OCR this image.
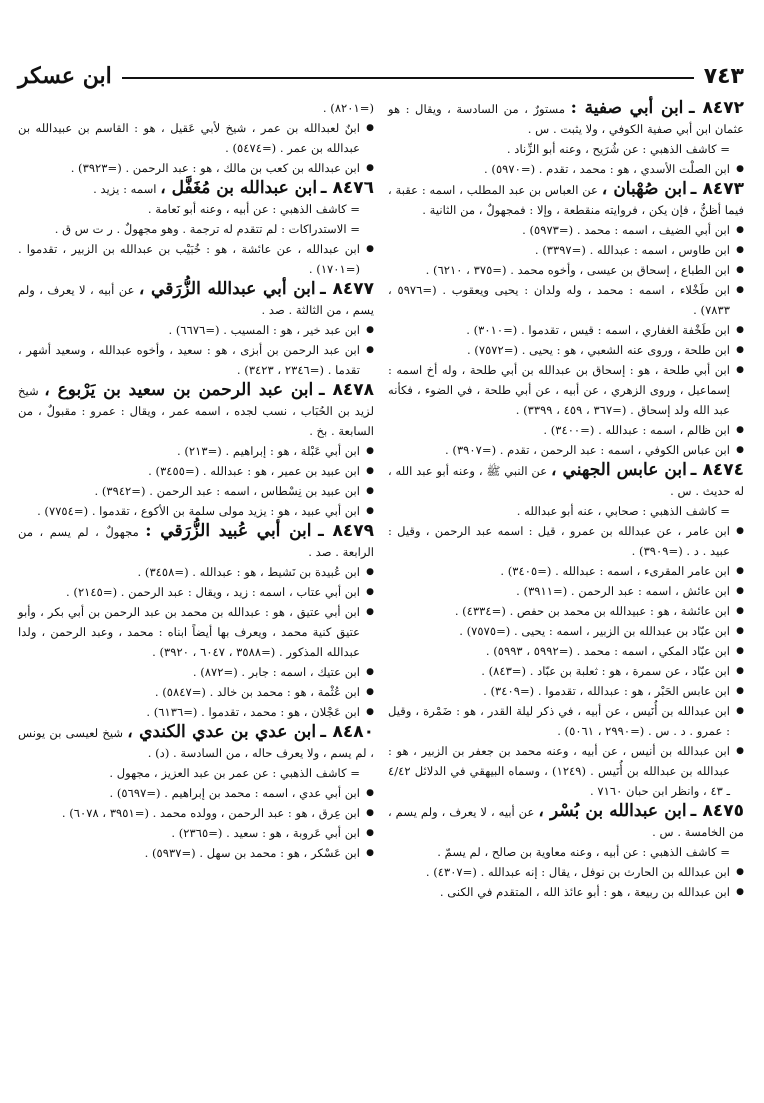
٧٤٣
ابن عسكر

٨٤٧٢ ـ ابن أبي صفية : مستورٌ ، من السادسة ، ويقال : هو عثمان ابن أبي صفية الكوفي ، ولا يثبت . س .

= كاشف الذهبي : عن شُرَيح ، وعنه أبو الزِّناد .

● ابن الصلْت الأسدي ، هو : محمد ، تقدم . (=٥٩٧٠) .

٨٤٧٣ ـ ابن صُهْبان ، عن العباس بن عبد المطلب ، اسمه : عقبة ، فيما أظنُّ ، فإن يكن ، فروايته منقطعة ، وإلا : فمجهولٌ ، من الثانية .

● ابن أبي الضيف ، اسمه : محمد . (=٥٩٧٣) .

● ابن طاوس ، اسمه : عبدالله . (=٣٣٩٧) .

● ابن الطباع ، إسحاق بن عيسى ، وأخوه محمد . (=٣٧٥ ، ٦٢١٠) .

● ابن طَخْلاء ، اسمه : محمد ، وله ولدان : يحيى ويعقوب . (=٥٩٧٦ ، ٧٨٣٣) .

● ابن طَخْفة الغفاري ، اسمه : قيس ، تقدموا . (=٣٠١٠) .

● ابن طلحة ، وروى عنه الشعبي ، هو : يحيى . (=٧٥٧٢) .

● ابن أبي طلحة ، هو : إسحاق بن عبدالله بن أبي طلحة ، وله أخ اسمه : إسماعيل ، وروى الزهري ، عن أبيه ، عن أبي طلحة ، في الضوء ، فكأنه عبد الله ولد إسحاق . (=٣٦٧ ، ٤٥٩ ، ٣٣٩٩) .

● ابن ظالم ، اسمه : عبدالله . (=٣٤٠٠) .

● ابن عباس الكوفي ، اسمه : عبد الرحمن ، تقدم . (=٣٩٠٧) .

٨٤٧٤ ـ ابن عابس الجهني ، عن النبي ﷺ ، وعنه أبو عبد الله ، له حديث . س .

= كاشف الذهبي : صحابي ، عنه أبو عبدالله .

● ابن عامر ، عن عبدالله بن عمرو ، قيل : اسمه عبد الرحمن ، وقيل : عبيد . د . (=٣٩٠٩) .

● ابن عامر المقرىء ، اسمه : عبدالله . (=٣٤٠٥) .

● ابن عائش ، اسمه : عبد الرحمن . (=٣٩١١) .

● ابن عائشة ، هو : عبيدالله بن محمد بن حفص . (=٤٣٣٤) .

● ابن عبّاد بن عبدالله بن الزبير ، اسمه : يحيى . (=٧٥٧٥) .

● ابن عبّاد المكي ، اسمه : محمد . (=٥٩٩٢ ، ٥٩٩٣) .

● ابن عبّاد ، عن سمرة ، هو : ثعلبة بن عبّاد . (=٨٤٣) .

● ابن عابس الحَبْر ، هو : عبدالله ، تقدموا . (=٣٤٠٩) .

● ابن عبدالله بن أُنَيس ، عن أبيه ، في ذكر ليلة القدر ، هو : ضَمْرة ، وقيل : عمرو . د . س . (=٢٩٩٠ ، ٥٠٦١) .

● ابن عبدالله بن أنيس ، عن أبيه ، وعنه محمد بن جعفر بن الزبير ، هو : عبدالله بن عبدالله بن أُنَيس . (١٢٤٩) ، وسماه البيهقي في الدلائل ٤/٤٢ ـ ٤٣ ، وانظر ابن حبان ٧١٦٠ .

٨٤٧٥ ـ ابن عبدالله بن بُسْر ، عن أبيه ، لا يعرف ، ولم يسم ، من الخامسة . س .

= كاشف الذهبي : عن أبيه ، وعنه معاوية بن صالح ، لم يسمّ .

● ابن عبدالله بن الحارث بن نوفل ، يقال : إنه عبدالله . (=٤٣٠٧) .

● ابن عبدالله بن ربيعة ، هو : أبو عائذ الله ، المتقدم في الكنى .

(=٨٢٠١) .

● ابنٌ لعبدالله بن عمر ، شيخ لأبي عَقيل ، هو : القاسم بن عبيدالله بن عبدالله بن عمر . (=٥٤٧٤) .

● ابن عبدالله بن كعب بن مالك ، هو : عبد الرحمن . (=٣٩٢٣) .

٨٤٧٦ ـ ابن عبدالله بن مُغَفَّل ، اسمه : يزيد .

= كاشف الذهبي : عن أبيه ، وعنه أبو نَعامة .

= الاستدراكات : لم تتقدم له ترجمة . وهو مجهولٌ . ر ت س ق .

● ابن عبدالله ، عن عائشة ، هو : خُبَيْب بن عبدالله بن الزبير ، تقدموا . (=١٧٠١) .

٨٤٧٧ ـ ابن أبي عبدالله الزُّرَقي ، عن أبيه ، لا يعرف ، ولم يسم ، من الثالثة . صد .

● ابن عبد خير ، هو : المسيب . (=٦٦٧٦) .

● ابن عبد الرحمن بن أبزى ، هو : سعيد ، وأخوه عبدالله ، وسعيد أشهر ، تقدما . (=٢٣٤٦ ، ٣٤٢٣) .

٨٤٧٨ ـ ابن عبد الرحمن بن سعيد بن يَرْبوع ، شيخ لزيد بن الحُبَاب ، نسب لجده ، اسمه عمر ، ويقال : عمرو : مقبولٌ ، من السابعة . بخ .

● ابن أبي عَبْلة ، هو : إبراهيم . (=٢١٣) .

● ابن عبيد بن عمير ، هو : عبدالله . (=٣٤٥٥) .

● ابن عبيد بن نِسْطاس ، اسمه : عبد الرحمن . (=٣٩٤٢) .

● ابن أبي عبيد ، هو : يزيد مولى سلمة بن الأكوع ، تقدموا . (=٧٧٥٤) .

٨٤٧٩ ـ ابن أبي عُبيد الزُّرَقي : مجهولٌ ، لم يسم ، من الرابعة . صد .

● ابن عُبيدة بن نَشيط ، هو : عبدالله . (=٣٤٥٨) .

● ابن أبي عتاب ، اسمه : زيد ، ويقال : عبد الرحمن . (=٢١٤٥) .

● ابن أبي عتيق ، هو : عبدالله بن محمد بن عبد الرحمن بن أبي بكر ، وأبو عتيق كنية محمد ، ويعرف بها أيضاً ابناه : محمد ، وعبد الرحمن ، ولدا عبدالله المذكور . (=٣٥٨٨ ، ٦٠٤٧ ، ٣٩٢٠) .

● ابن عتيك ، اسمه : جابر . (=٨٧٢) .

● ابن عُثْمة ، هو : محمد بن خالد . (=٥٨٤٧) .

● ابن عَجْلان ، هو : محمد ، تقدموا . (=٦١٣٦) .

٨٤٨٠ ـ ابن عدي بن عدي الكندي ، شيخ لعيسى بن يونس ، لم يسم ، ولا يعرف حاله ، من السادسة . (د) .

= كاشف الذهبي : عن عمر بن عبد العزيز ، مجهول .

● ابن أبي عدي ، اسمه : محمد بن إبراهيم . (=٥٦٩٧) .

● ابن عِرق ، هو : عبد الرحمن ، وولده محمد . (=٣٩٥١ ، ٦٠٧٨) .

● ابن أبي عَروبة ، هو : سعيد . (=٢٣٦٥) .

● ابن عَسْكر ، هو : محمد بن سهل . (=٥٩٣٧) .
